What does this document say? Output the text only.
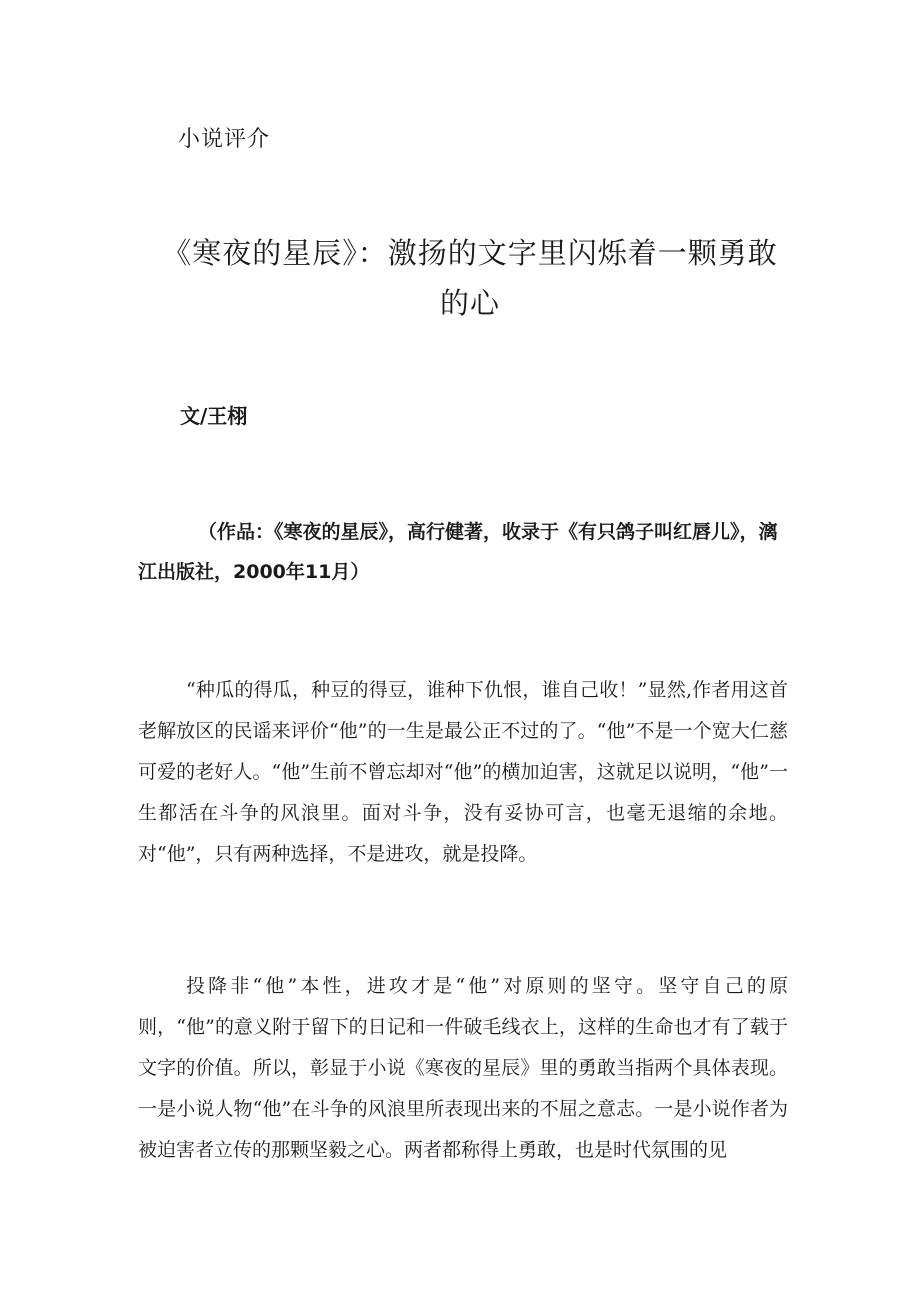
小说评介
《寒夜的星辰》：激扬的文字里闪烁着一颗勇敢的心
文/王栩
（作品：《寒夜的星辰》，高行健著，收录于《有只鸽子叫红唇儿》，漓江出版社，2000年11月）
“种瓜的得瓜，种豆的得豆，谁种下仇恨，谁自己收！”显然,作者用这首老解放区的民谣来评价“他”的一生是最公正不过的了。“他”不是一个宽大仁慈可爱的老好人。“他”生前不曾忘却对“他”的横加迫害，这就足以说明，“他”一生都活在斗争的风浪里。面对斗争，没有妥协可言，也毫无退缩的余地。对“他”，只有两种选择，不是进攻，就是投降。
投降非“他”本性，进攻才是“他”对原则的坚守。坚守自己的原则，“他”的意义附于留下的日记和一件破毛线衣上，这样的生命也才有了载于文字的价值。所以，彰显于小说《寒夜的星辰》里的勇敢当指两个具体表现。一是小说人物“他”在斗争的风浪里所表现出来的不屈之意志。一是小说作者为被迫害者立传的那颗坚毅之心。两者都称得上勇敢，也是时代氛围的见
